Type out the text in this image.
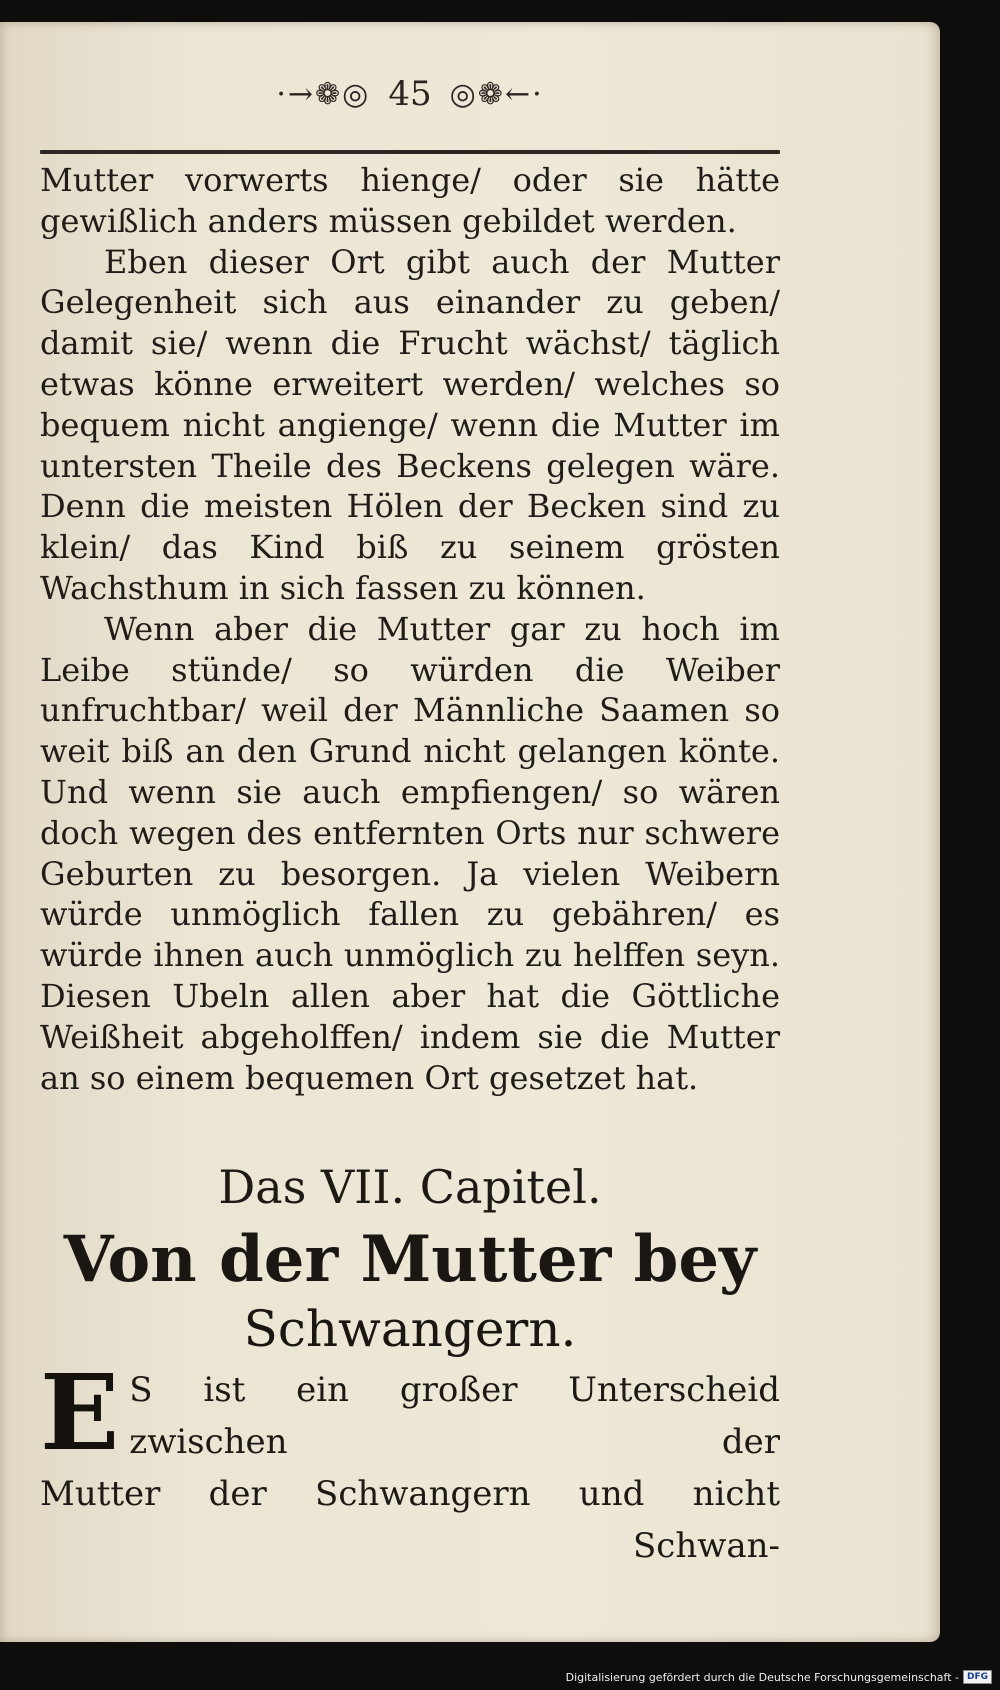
·→❁◎ 45 ◎❁←·

Mutter vorwerts hienge/ oder sie hätte gewißlich anders müssen gebildet werden.

Eben dieser Ort gibt auch der Mutter Gelegenheit sich aus einander zu geben/ damit sie/ wenn die Frucht wächst/ täglich etwas könne erweitert werden/ welches so bequem nicht angienge/ wenn die Mutter im untersten Theile des Beckens gelegen wäre. Denn die meisten Hölen der Becken sind zu klein/ das Kind biß zu seinem grösten Wachsthum in sich fassen zu können.

Wenn aber die Mutter gar zu hoch im Leibe stünde/ so würden die Weiber unfruchtbar/ weil der Männliche Saamen so weit biß an den Grund nicht gelangen könte. Und wenn sie auch empfiengen/ so wären doch wegen des entfernten Orts nur schwere Geburten zu besorgen. Ja vielen Weibern würde unmöglich fallen zu gebähren/ es würde ihnen auch unmöglich zu helffen seyn. Diesen Ubeln allen aber hat die Göttliche Weißheit abgeholffen/ indem sie die Mutter an so einem bequemen Ort gesetzet hat.

Das VII. Capitel.
Von der Mutter bey
Schwangern.
E S ist ein großer Unterscheid zwischen der
Mutter der Schwangern und nicht
Schwan-
Digitalisierung gefördert durch die Deutsche Forschungsgemeinschaft - DFG
